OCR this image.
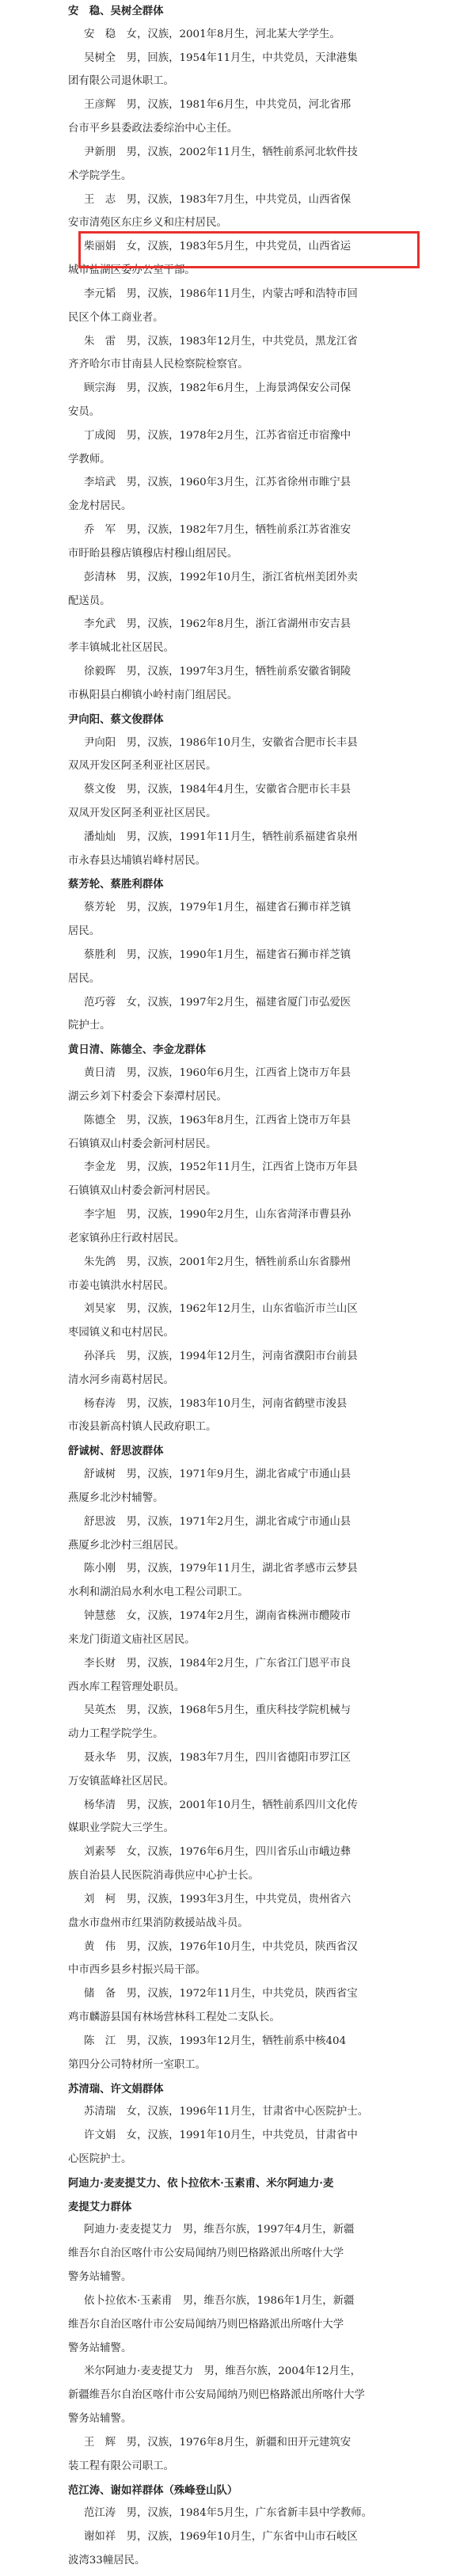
安　稳、吴树全群体
安　稳　女，汉族，2001年8月生，河北某大学学生。
吴树全　男，回族，1954年11月生，中共党员，天津港集
团有限公司退休职工。
王彦辉　男，汉族，1981年6月生，中共党员，河北省邢
台市平乡县委政法委综治中心主任。
尹新朋　男，汉族，2002年11月生，牺牲前系河北软件技
术学院学生。
王　志　男，汉族，1983年7月生，中共党员，山西省保
安市清苑区东庄乡义和庄村居民。
柴丽娟　女，汉族，1983年5月生，中共党员，山西省运
城市盐湖区委办公室干部。
李元韬　男，汉族，1986年11月生，内蒙古呼和浩特市回
民区个体工商业者。
朱　雷　男，汉族，1983年12月生，中共党员，黑龙江省
齐齐哈尔市甘南县人民检察院检察官。
顾宗海　男，汉族，1982年6月生，上海景鸿保安公司保
安员。
丁成阅　男，汉族，1978年2月生，江苏省宿迁市宿豫中
学教师。
李培武　男，汉族，1960年3月生，江苏省徐州市睢宁县
金龙村居民。
乔　军　男，汉族，1982年7月生，牺牲前系江苏省淮安
市盱眙县穆店镇穆店村穆山组居民。
彭清林　男，汉族，1992年10月生，浙江省杭州美团外卖
配送员。
李允武　男，汉族，1962年8月生，浙江省湖州市安吉县
孝丰镇城北社区居民。
徐毅晖　男，汉族，1997年3月生，牺牲前系安徽省铜陵
市枞阳县白柳镇小岭村南门组居民。
尹向阳、蔡文俊群体
尹向阳　男，汉族，1986年10月生，安徽省合肥市长丰县
双凤开发区阿圣利亚社区居民。
蔡文俊　男，汉族，1984年4月生，安徽省合肥市长丰县
双凤开发区阿圣利亚社区居民。
潘灿灿　男，汉族，1991年11月生，牺牲前系福建省泉州
市永春县达埔镇岩峰村居民。
蔡芳轮、蔡胜利群体
蔡芳轮　男，汉族，1979年1月生，福建省石狮市祥芝镇
居民。
蔡胜利　男，汉族，1990年1月生，福建省石狮市祥芝镇
居民。
范巧蓉　女，汉族，1997年2月生，福建省厦门市弘爱医
院护士。
黄日清、陈德全、李金龙群体
黄日清　男，汉族，1960年6月生，江西省上饶市万年县
湖云乡刘下村委会下泰潭村居民。
陈德全　男，汉族，1963年8月生，江西省上饶市万年县
石镇镇双山村委会新河村居民。
李金龙　男，汉族，1952年11月生，江西省上饶市万年县
石镇镇双山村委会新河村居民。
李字旭　男，汉族，1990年2月生，山东省菏泽市曹县孙
老家镇孙庄行政村居民。
朱先鸽　男，汉族，2001年2月生，牺牲前系山东省滕州
市姜屯镇洪水村居民。
刘昊家　男，汉族，1962年12月生，山东省临沂市兰山区
枣园镇义和屯村居民。
孙泽兵　男，汉族，1994年12月生，河南省濮阳市台前县
清水河乡南葛村居民。
杨春涛　男，汉族，1983年10月生，河南省鹤壁市浚县
市浚县新高村镇人民政府职工。
舒诚树、舒思波群体
舒诚树　男，汉族，1971年9月生，湖北省咸宁市通山县
燕厦乡北沙村辅警。
舒思波　男，汉族，1971年2月生，湖北省咸宁市通山县
燕厦乡北沙村三组居民。
陈小刚　男，汉族，1979年11月生，湖北省孝感市云梦县
水利和湖泊局水利水电工程公司职工。
钟慧慈　女，汉族，1974年2月生，湖南省株洲市醴陵市
来龙门街道文庙社区居民。
李长财　男，汉族，1984年2月生，广东省江门恩平市良
西水库工程管理处职员。
吴英杰　男，汉族，1968年5月生，重庆科技学院机械与
动力工程学院学生。
聂永华　男，汉族，1983年7月生，四川省德阳市罗江区
万安镇蓝峰社区居民。
杨华清　男，汉族，2001年10月生，牺牲前系四川文化传
媒职业学院大三学生。
刘素琴　女，汉族，1976年6月生，四川省乐山市峨边彝
族自治县人民医院消毒供应中心护士长。
刘　柯　男，汉族，1993年3月生，中共党员，贵州省六
盘水市盘州市红果消防救援站战斗员。
黄　伟　男，汉族，1976年10月生，中共党员，陕西省汉
中市西乡县乡村振兴局干部。
储　备　男，汉族，1972年11月生，中共党员，陕西省宝
鸡市麟游县国有林场营林科工程处二支队长。
陈　江　男，汉族，1993年12月生，牺牲前系中核404
第四分公司特材所一室职工。
苏清瑞、许文娟群体
苏清瑞　女，汉族，1996年11月生，甘肃省中心医院护士。
许文娟　女，汉族，1991年10月生，中共党员，甘肃省中
心医院护士。
阿迪力·麦麦提艾力、依卜拉依木·玉素甫、米尔阿迪力·麦
麦提艾力群体
阿迪力·麦麦提艾力　男，维吾尔族，1997年4月生，新疆
维吾尔自治区喀什市公安局闻纳乃则巴格路派出所喀什大学
警务站辅警。
依卜拉依木·玉素甫　男，维吾尔族，1986年1月生，新疆
维吾尔自治区喀什市公安局闻纳乃则巴格路派出所喀什大学
警务站辅警。
米尔阿迪力·麦麦提艾力　男，维吾尔族，2004年12月生，
新疆维吾尔自治区喀什市公安局闻纳乃则巴格路派出所喀什大学
警务站辅警。
王　辉　男，汉族，1976年8月生，新疆和田开元建筑安
装工程有限公司职工。
范江涛、谢如祥群体（殊峰登山队）
范江涛　男，汉族，1984年5月生，广东省新丰县中学教师。
谢如祥　男，汉族，1969年10月生，广东省中山市石岐区
波湾33幢居民。
